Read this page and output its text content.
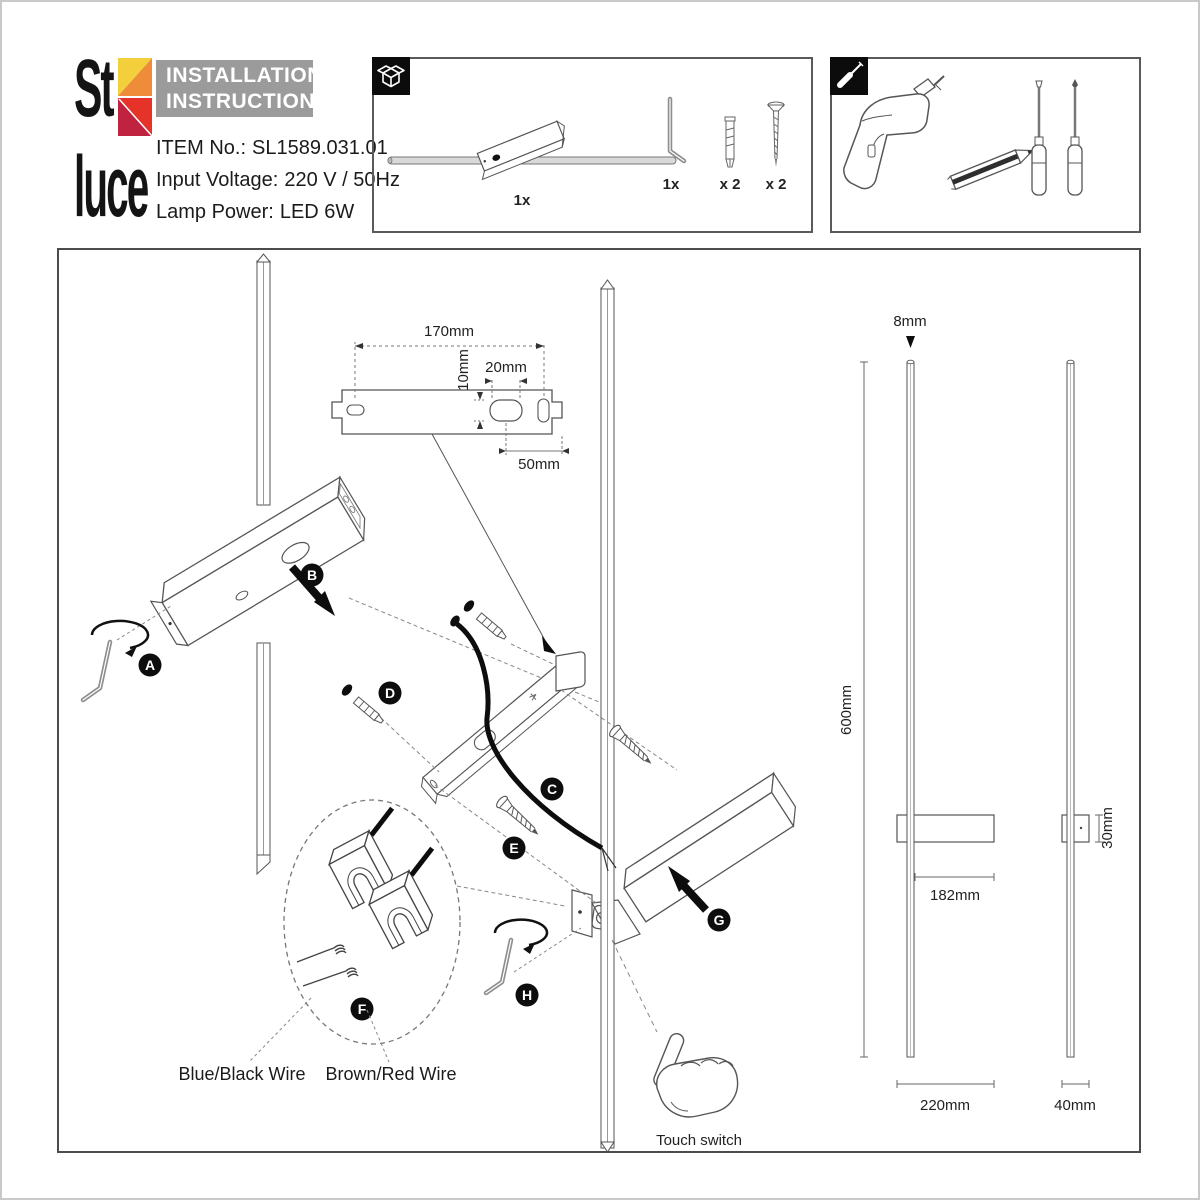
St
luce
INSTALLATION
INSTRUCTIONS
ITEM No.: SL1589.031.01
Input Voltage: 220 V / 50Hz
Lamp Power: LED 6W
1x
1x	x 2 x 2
A
B
170mm
20mm
10mm
50mm
C
D
E
F
Blue/Black Wire Brown/Red Wire
G
H
Touch switch
8mm
600mm
182mm
220mm
30mm
40mm
